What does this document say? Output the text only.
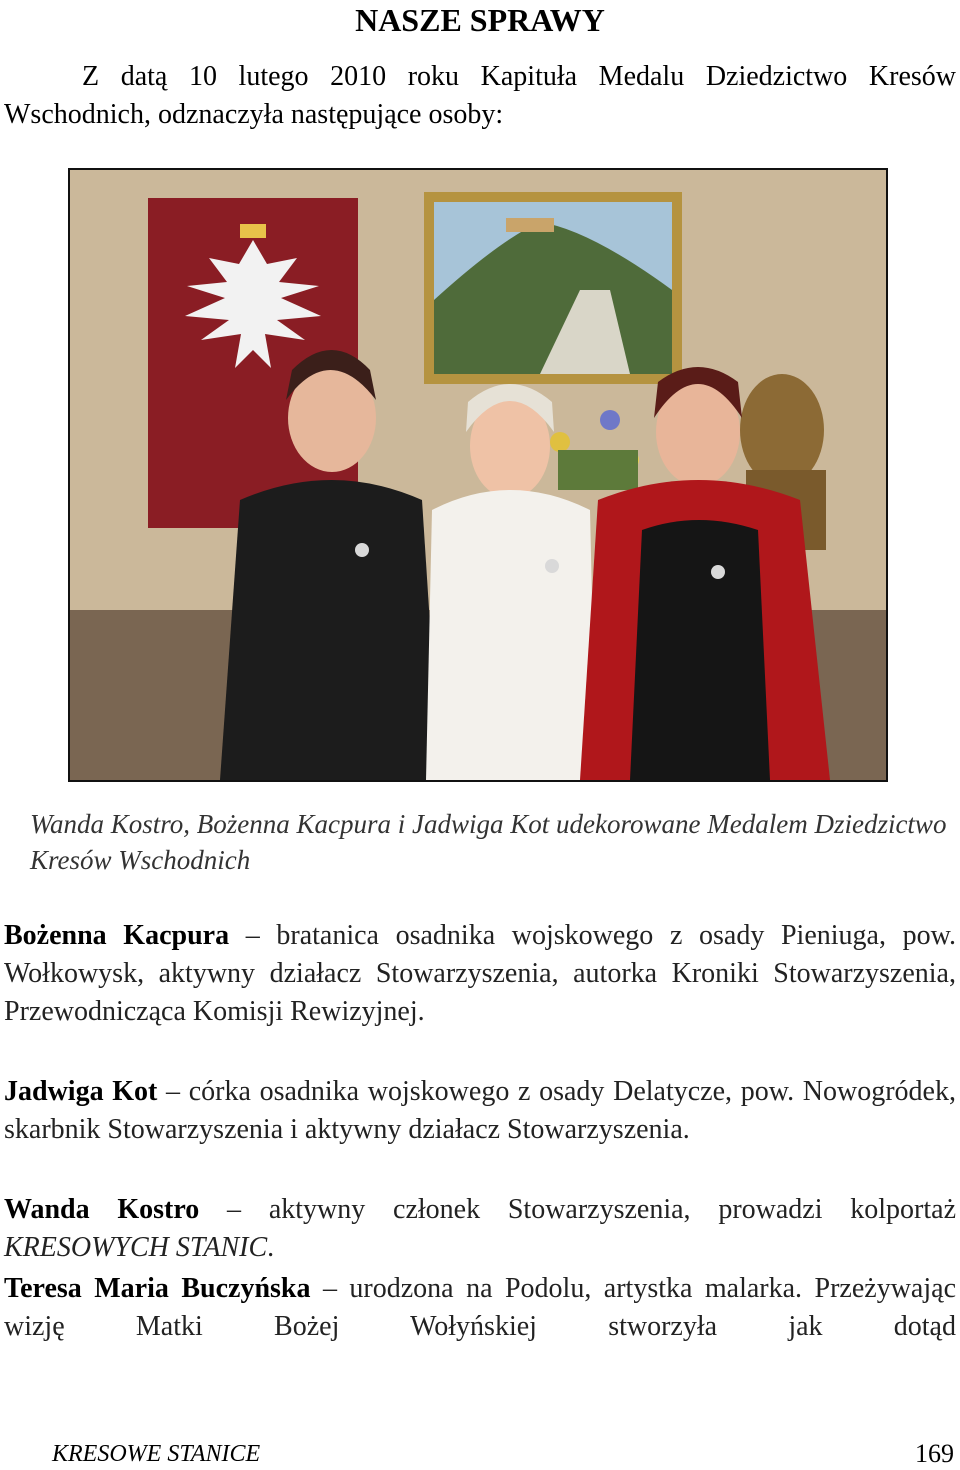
NASZE SPRAWY
Z datą 10 lutego 2010 roku Kapituła Medalu Dziedzictwo Kresów Wschodnich, odznaczyła następujące osoby:
Wanda Kostro, Bożenna Kacpura i Jadwiga Kot udekorowane Medalem Dziedzictwo Kresów Wschodnich

Bożenna Kacpura – bratanica osadnika wojskowego z osady Pieniuga, pow. Wołkowysk, aktywny działacz Stowarzyszenia, autorka Kroniki Stowarzyszenia, Przewodnicząca Komisji Rewizyjnej.

Jadwiga Kot – córka osadnika wojskowego z osady Delatycze, pow. Nowogródek, skarbnik Stowarzyszenia i aktywny działacz Stowarzyszenia.

Wanda Kostro – aktywny członek Stowarzyszenia, prowadzi kolportaż KRESOWYCH STANIC.

Teresa Maria Buczyńska – urodzona na Podolu, artystka malarka. Przeżywając wizję Matki Bożej Wołyńskiej stworzyła jak dotąd

KRESOWE STANICE	169
